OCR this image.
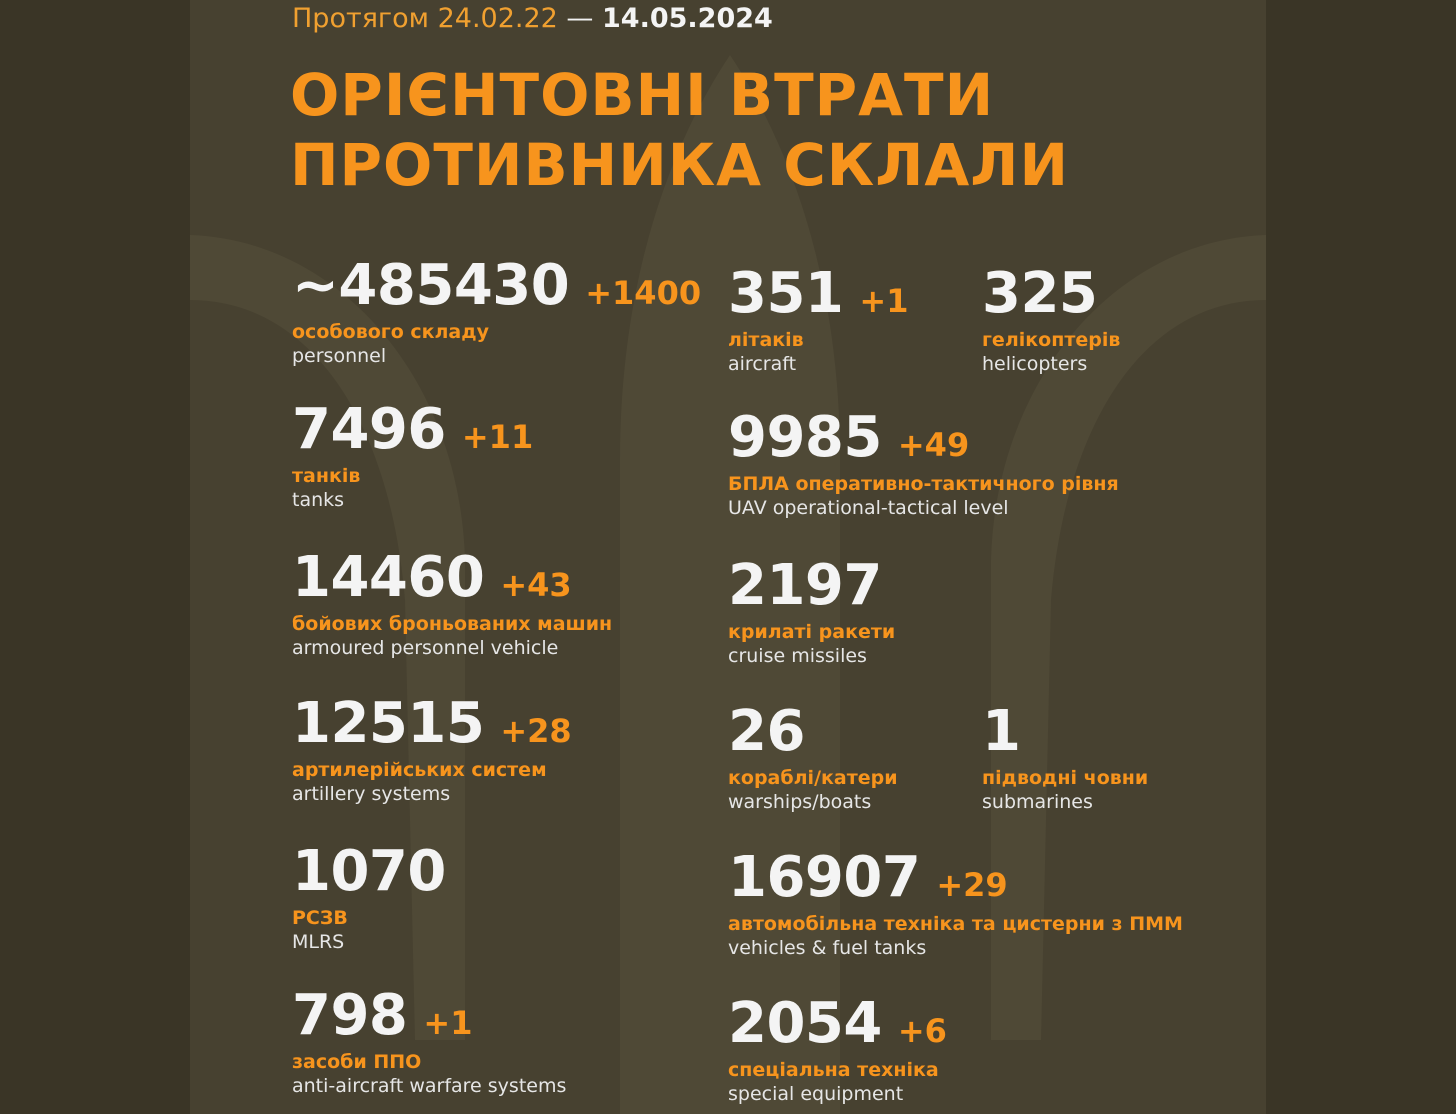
Протягом 24.02.22 — 14.05.2024
ОРІЄНТОВНІ ВТРАТИ
ПРОТИВНИКА СКЛАЛИ
~485430 +1400
особового складу
personnel
7496 +11
танків
tanks
14460 +43
бойових броньованих машин
armoured personnel vehicle
12515 +28
артилерійських систем
artillery systems
1070
РСЗВ
MLRS
798 +1
засоби ППО
anti-aircraft warfare systems
351 +1
літаків
aircraft
325
гелікоптерів
helicopters
9985 +49
БПЛА оперативно-тактичного рівня
UAV operational-tactical level
2197
крилаті ракети
cruise missiles
26
кораблі/катери
warships/boats
1
підводні човни
submarines
16907 +29
автомобільна техніка та цистерни з ПММ
vehicles & fuel tanks
2054 +6
спеціальна техніка
special equipment
